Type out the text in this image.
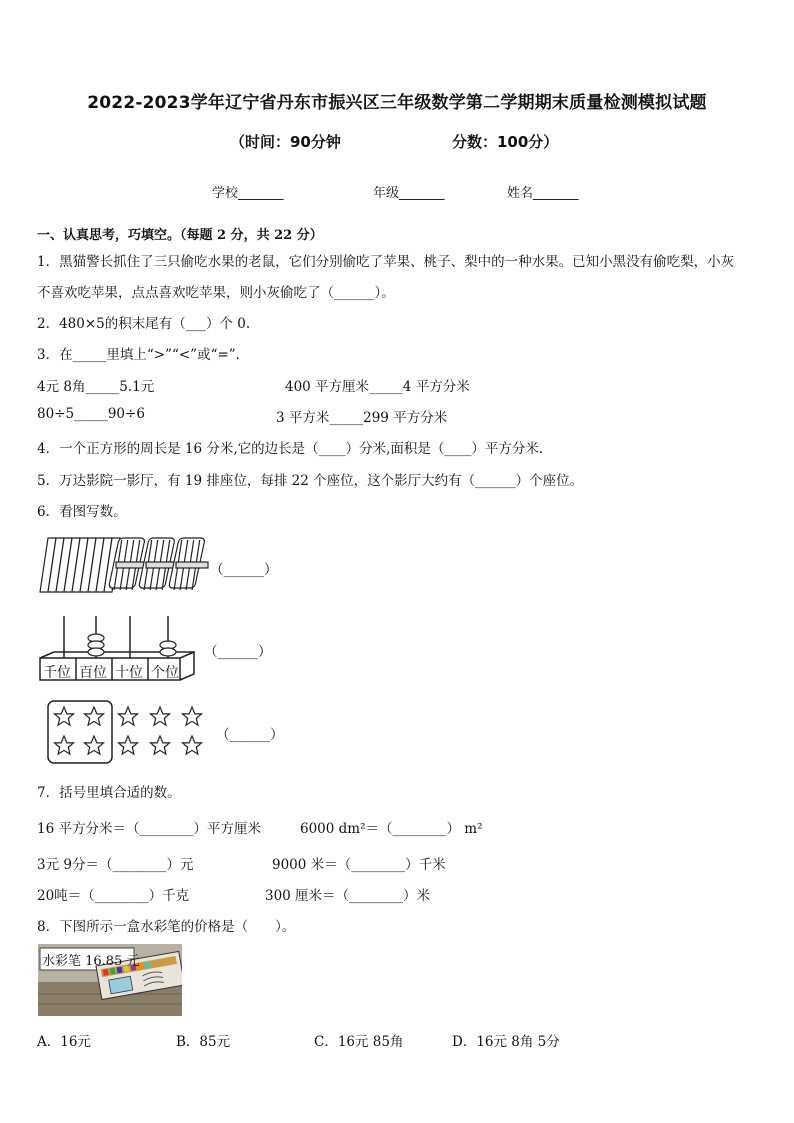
2022-2023学年辽宁省丹东市振兴区三年级数学第二学期期末质量检测模拟试题
（时间：90分钟	分数：100分）
学校_______	年级_______	姓名_______
一、认真思考，巧填空。（每题 2 分，共 22 分）
1．黑猫警长抓住了三只偷吃水果的老鼠，它们分别偷吃了苹果、桃子、梨中的一种水果。已知小黑没有偷吃梨，小灰
不喜欢吃苹果，点点喜欢吃苹果，则小灰偷吃了（______）。
2．480×5的积末尾有（___）个 0.
3．在_____里填上“>”“<”或“=”．
4元 8角_____5.1元	400 平方厘米_____4 平方分米
80÷5_____90÷6	3 平方米_____299 平方分米
4．一个正方形的周长是 16 分米,它的边长是（____）分米,面积是（____）平方分米．
5．万达影院一影厅，有 19 排座位，每排 22 个座位，这个影厅大约有（______）个座位。
6．看图写数。
（______）
千位 百位 十位 个位
（______）
（______）
7．括号里填合适的数。
16 平方分米＝（________）平方厘米	6000 dm²＝（________） m²
3元 9分＝（________）元	9000 米＝（________）千米
20吨＝（________）千克	300 厘米＝（________）米
8．下图所示一盒水彩笔的价格是（　　）。
水彩笔 16.85 元
A．16元	B．85元	C．16元 85角	D．16元 8角 5分
